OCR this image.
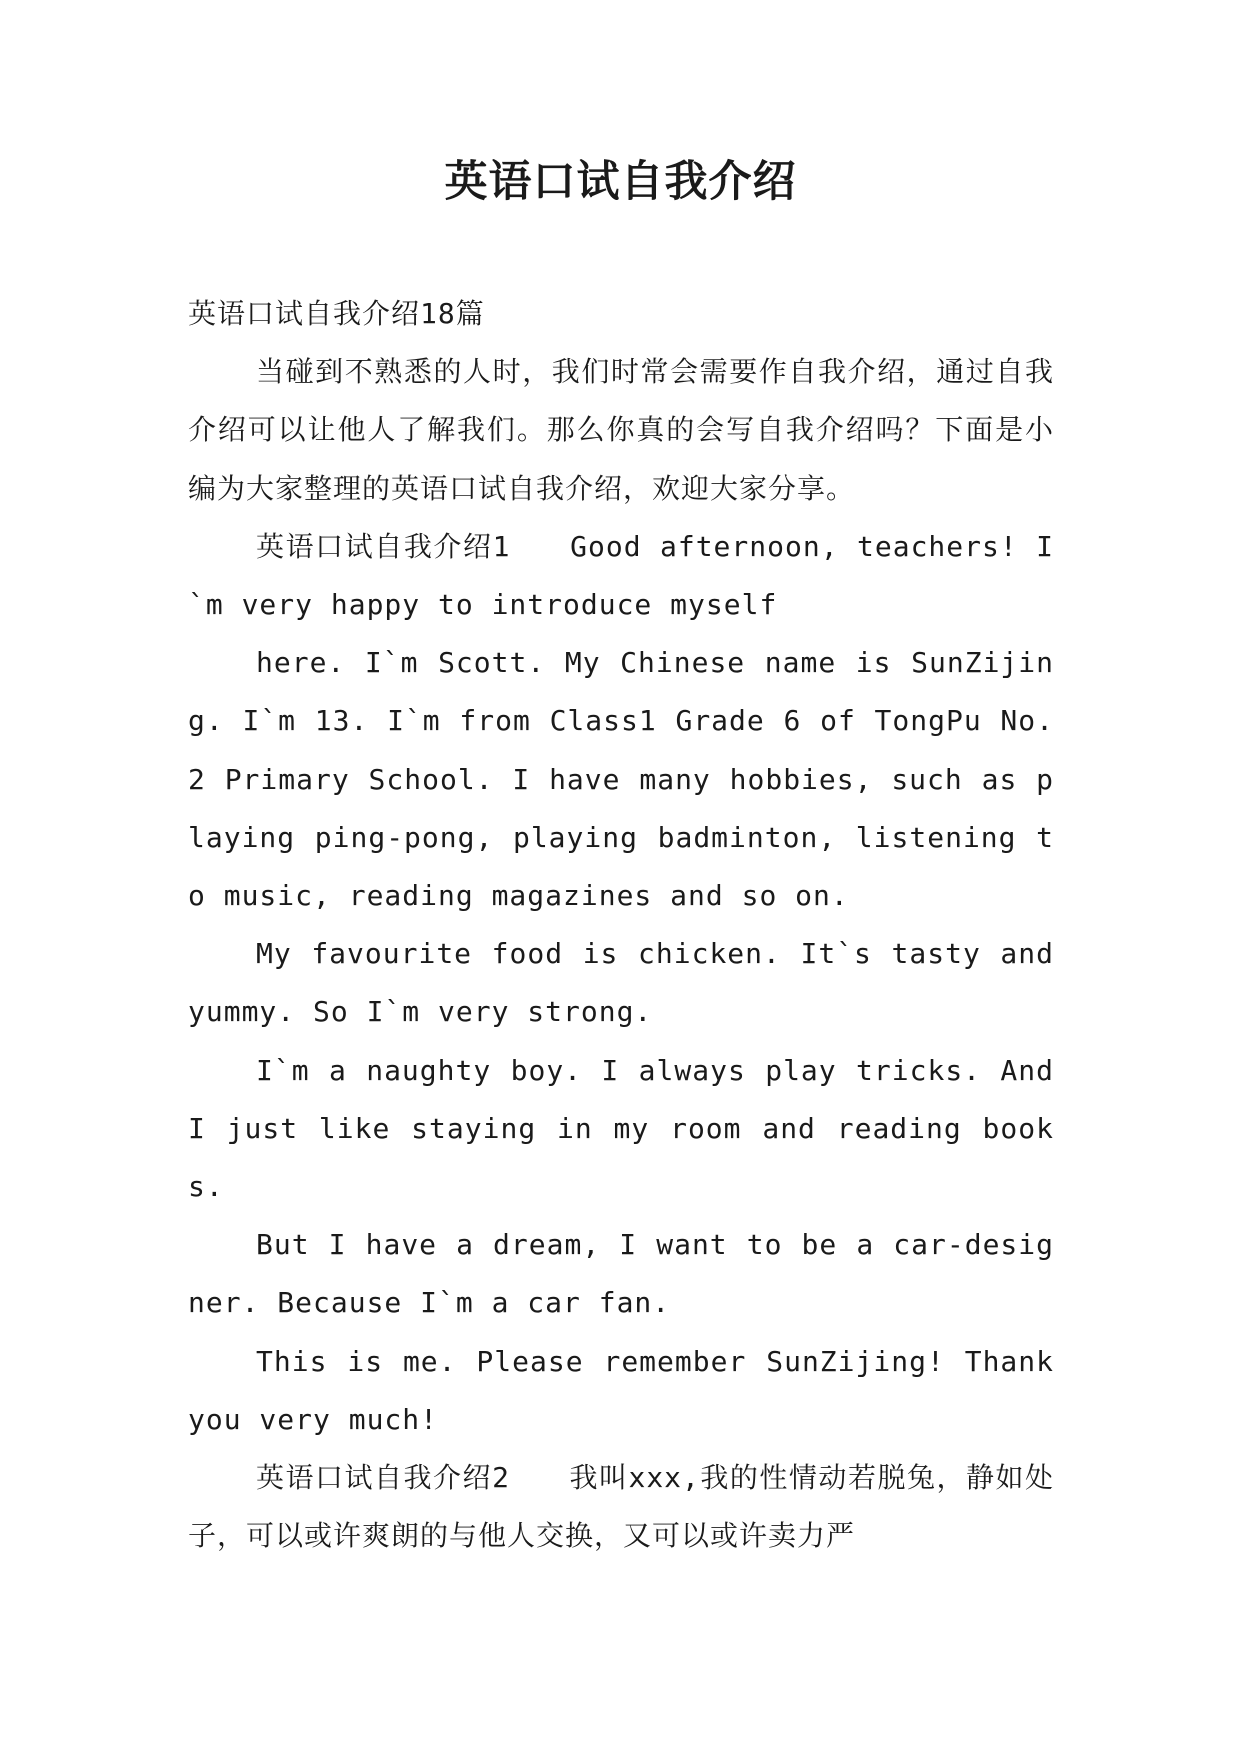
英语口试自我介绍

英语口试自我介绍18篇

当碰到不熟悉的人时，我们时常会需要作自我介绍，通过自我介绍可以让他人了解我们。那么你真的会写自我介绍吗？下面是小编为大家整理的英语口试自我介绍，欢迎大家分享。

英语口试自我介绍1　　Good afternoon, teachers! I`m very happy to introduce myself

here. I`m Scott. My Chinese name is SunZijing. I`m 13. I`m from Class1 Grade 6 of TongPu No.2 Primary School. I have many hobbies, such as playing ping-pong, playing badminton, listening to music, reading magazines and so on.

My favourite food is chicken. It`s tasty and yummy. So I`m very strong.

I`m a naughty boy. I always play tricks. And I just like staying in my room and reading books.

But I have a dream, I want to be a car-designer. Because I`m a car fan.

This is me. Please remember SunZijing! Thank you very much!

英语口试自我介绍2　　我叫xxx,我的性情动若脱兔，静如处子，可以或许爽朗的与他人交换，又可以或许卖力严
